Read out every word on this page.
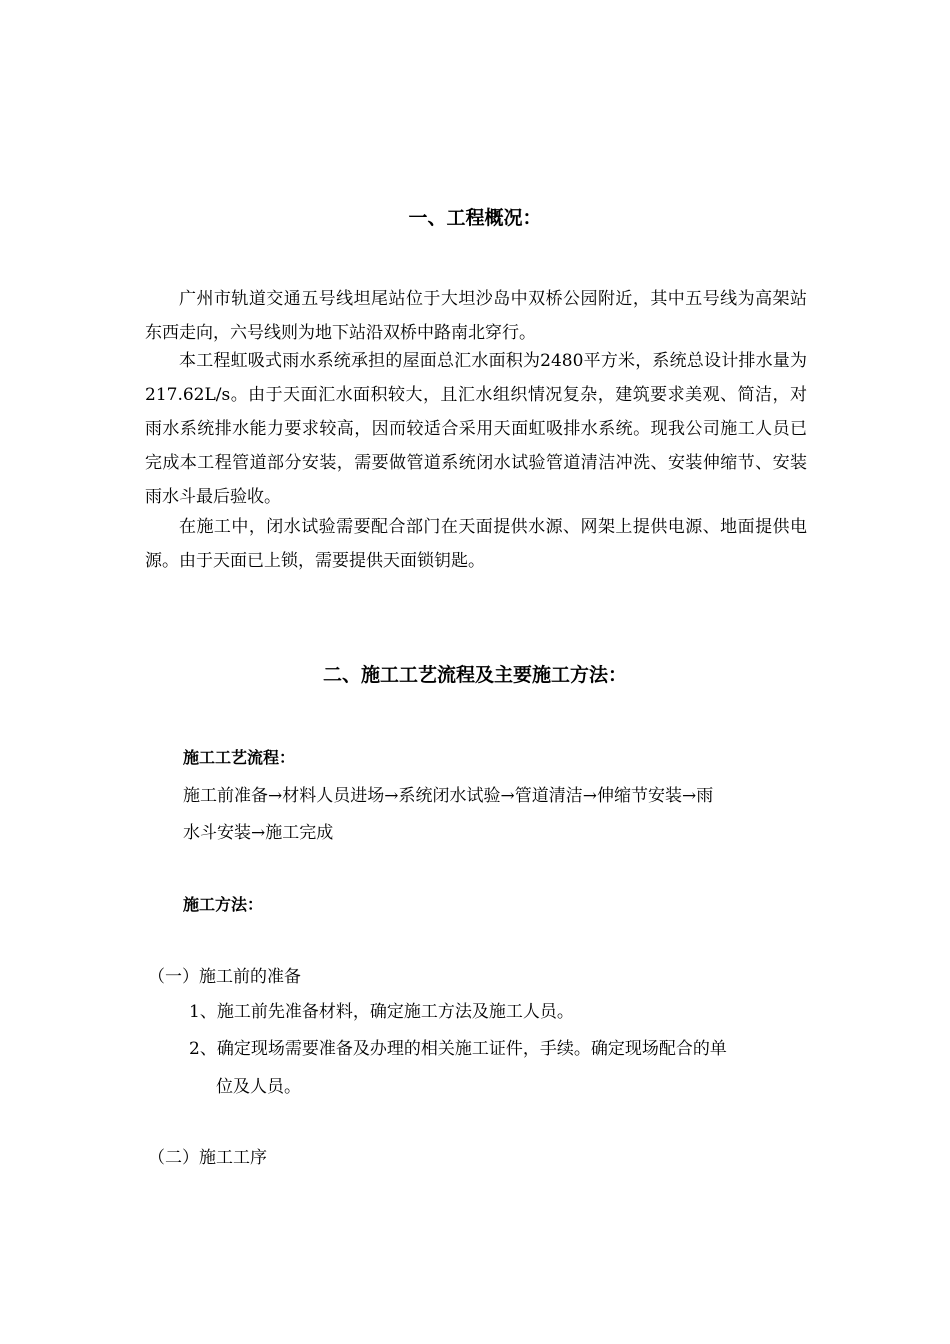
一、工程概况：

广州市轨道交通五号线坦尾站位于大坦沙岛中双桥公园附近，其中五号线为高架站东西走向，六号线则为地下站沿双桥中路南北穿行。

本工程虹吸式雨水系统承担的屋面总汇水面积为2480平方米，系统总设计排水量为217.62L/s。由于天面汇水面积较大，且汇水组织情况复杂，建筑要求美观、简洁，对雨水系统排水能力要求较高，因而较适合采用天面虹吸排水系统。现我公司施工人员已完成本工程管道部分安装，需要做管道系统闭水试验管道清洁冲洗、安装伸缩节、安装雨水斗最后验收。

在施工中，闭水试验需要配合部门在天面提供水源、网架上提供电源、地面提供电源。由于天面已上锁，需要提供天面锁钥匙。

二、施工工艺流程及主要施工方法：
施工工艺流程：
施工前准备→材料人员进场→系统闭水试验→管道清洁→伸缩节安装→雨
水斗安装→施工完成
施工方法：
（一）施工前的准备
1、施工前先准备材料，确定施工方法及施工人员。
2、确定现场需要准备及办理的相关施工证件，手续。确定现场配合的单
位及人员。
（二）施工工序
